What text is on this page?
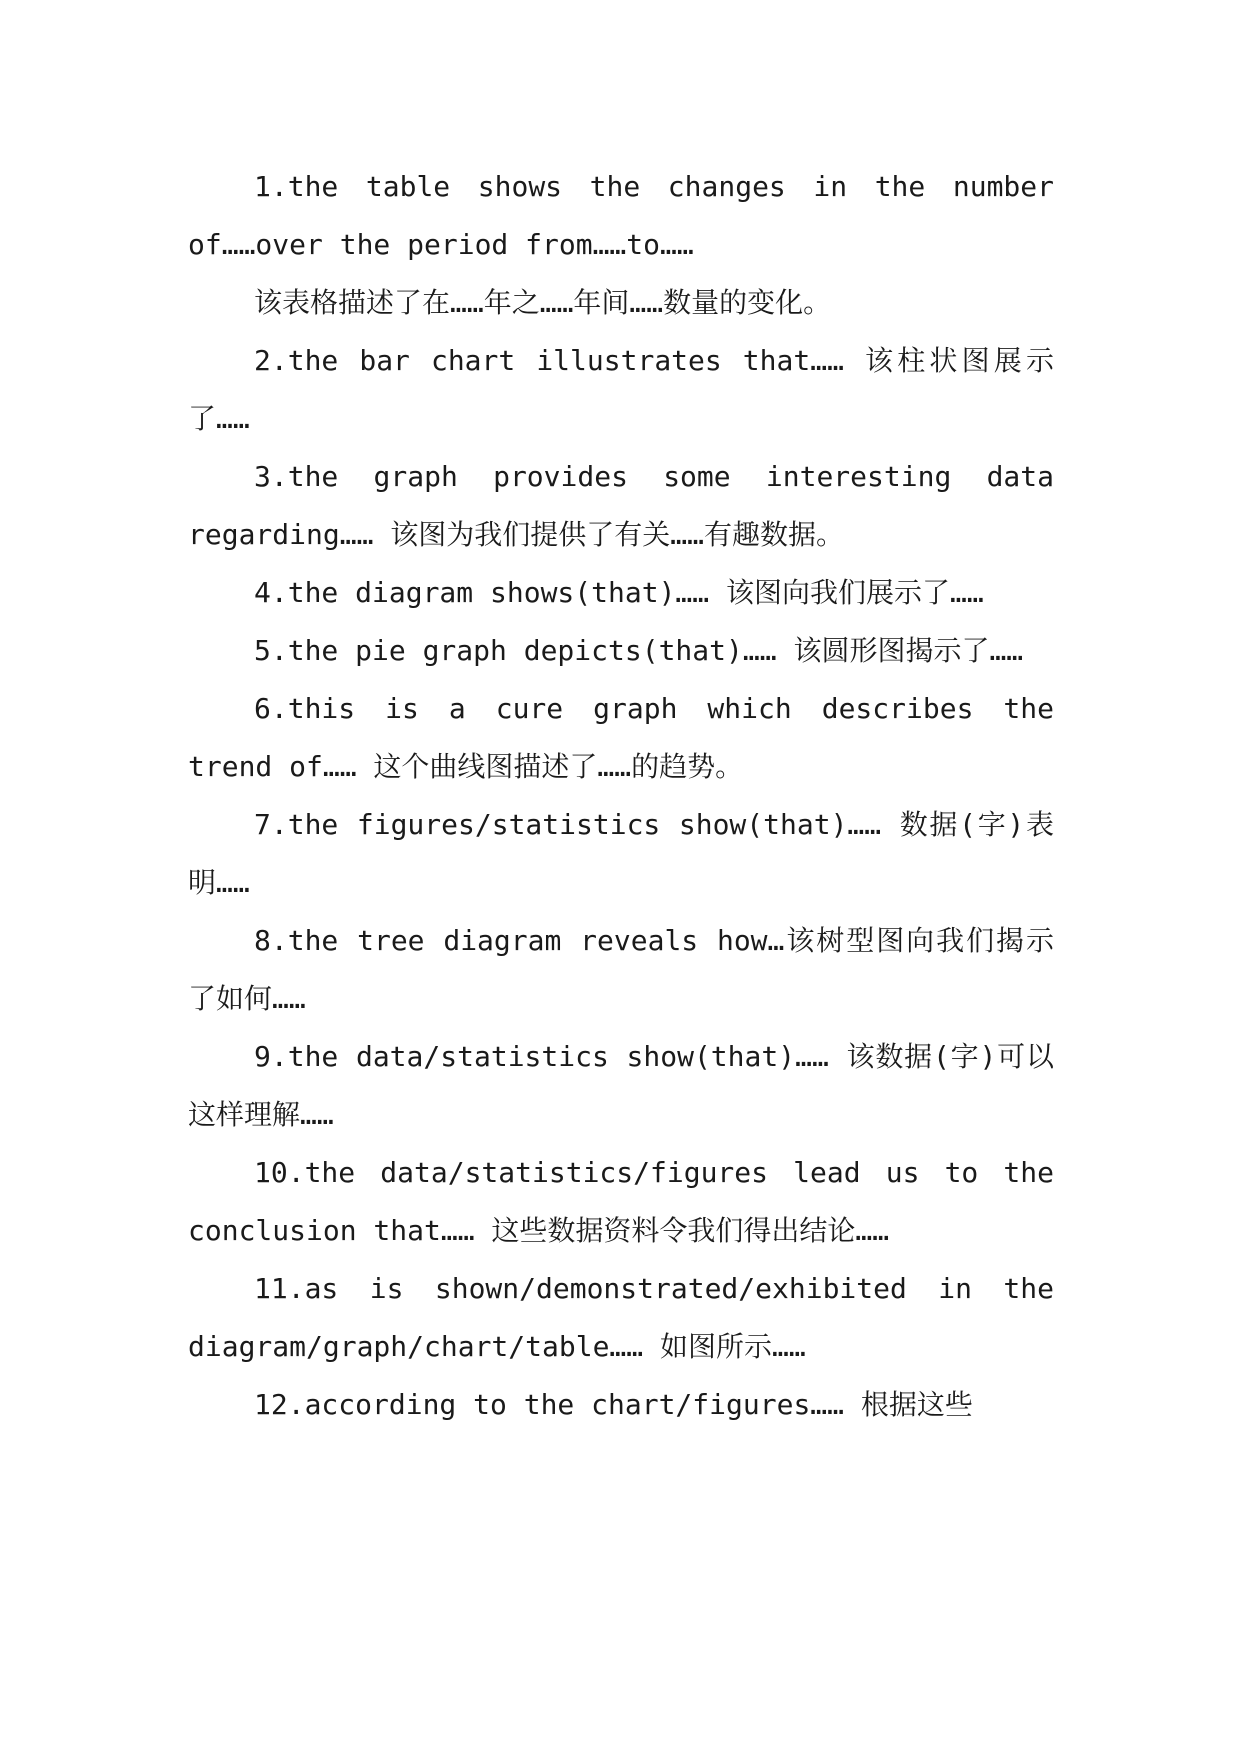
1.the table shows the changes in the number of……over the period from……to……

该表格描述了在……年之……年间……数量的变化。

2.the bar chart illustrates that…… 该柱状图展示了……

3.the graph provides some interesting data regarding…… 该图为我们提供了有关……有趣数据。

4.the diagram shows(that)…… 该图向我们展示了……

5.the pie graph depicts(that)…… 该圆形图揭示了……

6.this is a cure graph which describes the trend of…… 这个曲线图描述了……的趋势。

7.the figures/statistics show(that)…… 数据(字)表明……

8.the tree diagram reveals how…该树型图向我们揭示了如何……

9.the data/statistics show(that)…… 该数据(字)可以这样理解……

10.the data/statistics/figures lead us to the conclusion that…… 这些数据资料令我们得出结论……

11.as is shown/demonstrated/exhibited in the diagram/graph/chart/table…… 如图所示……

12.according to the chart/figures…… 根据这些
